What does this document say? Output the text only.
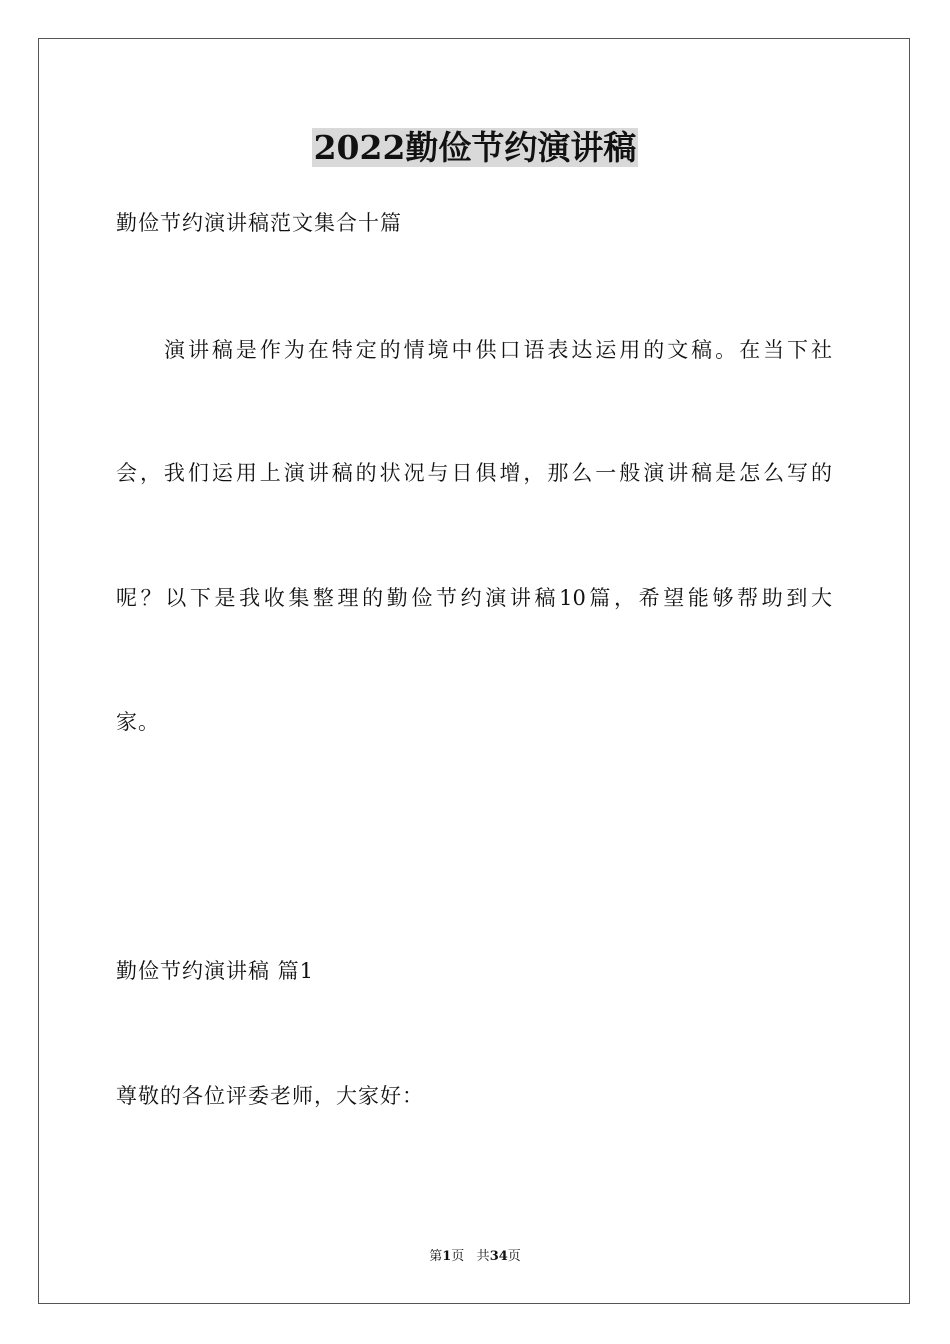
2022勤俭节约演讲稿
勤俭节约演讲稿范文集合十篇
演讲稿是作为在特定的情境中供口语表达运用的文稿。在当下社
会，我们运用上演讲稿的状况与日俱增，那么一般演讲稿是怎么写的
呢？以下是我收集整理的勤俭节约演讲稿10篇，希望能够帮助到大
家。
勤俭节约演讲稿 篇1
尊敬的各位评委老师，大家好：
第1页 共34页
